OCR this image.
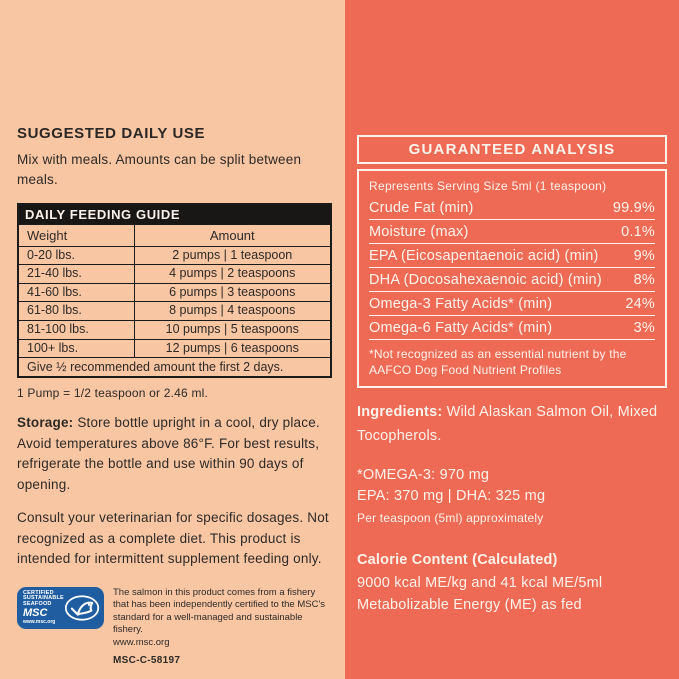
SUGGESTED DAILY USE
Mix with meals. Amounts can be split between meals.
DAILY FEEDING GUIDE	
Weight	Amount
0-20 lbs.	2 pumps | 1 teaspoon
21-40 lbs.	4 pumps | 2 teaspoons
41-60 lbs.	6 pumps | 3 teaspoons
61-80 lbs.	8 pumps | 4 teaspoons
81-100 lbs.	10 pumps | 5 teaspoons
100+ lbs.	12 pumps | 6 teaspoons
Give ½ recommended amount the first 2 days.	
1 Pump = 1/2 teaspoon or 2.46 ml.
Storage: Store bottle upright in a cool, dry place. Avoid temperatures above 86°F. For best results, refrigerate the bottle and use within 90 days of opening.
Consult your veterinarian for specific dosages. Not recognized as a complete diet. This product is intended for intermittent supplement feeding only.
CERTIFIED
SUSTAINABLE
SEAFOOD
MSC
www.msc.org
The salmon in this product comes from a fishery that has been independently certified to the MSC's standard for a well-managed and sustainable fishery.
www.msc.org
MSC-C-58197
GUARANTEED ANALYSIS
Represents Serving Size 5ml (1 teaspoon)
Crude Fat (min)	99.9%
Moisture (max)	0.1%
EPA (Eicosapentaenoic acid) (min) 9%
DHA (Docosahexaenoic acid) (min) 8%
Omega-3 Fatty Acids* (min)	24%
Omega-6 Fatty Acids* (min)	3%
*Not recognized as an essential nutrient by the AAFCO Dog Food Nutrient Profiles
Ingredients: Wild Alaskan Salmon Oil, Mixed Tocopherols.
*OMEGA-3: 970 mg
EPA: 370 mg | DHA: 325 mg
Per teaspoon (5ml) approximately
Calorie Content (Calculated)
9000 kcal ME/kg and 41 kcal ME/5ml
Metabolizable Energy (ME) as fed
